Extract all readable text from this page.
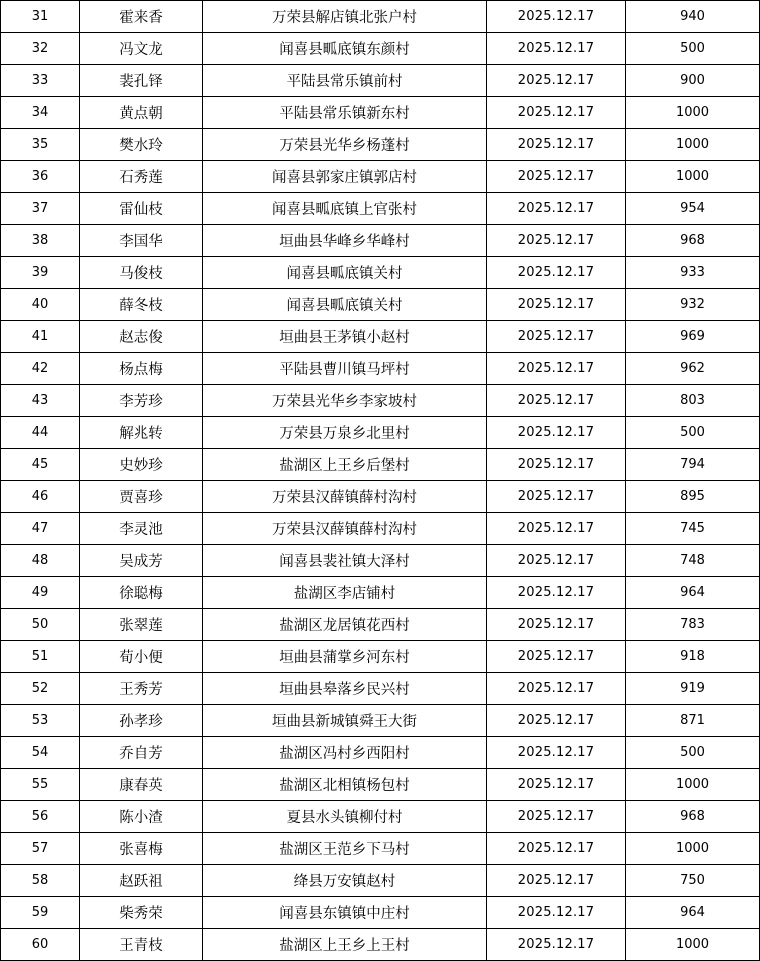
31	霍来香	万荣县解店镇北张户村	2025.12.17	940
32	冯文龙	闻喜县畖底镇东颜村	2025.12.17	500
33	裴孔铎	平陆县常乐镇前村	2025.12.17	900
34	黄点朝	平陆县常乐镇新东村	2025.12.17	1000
35	樊水玲	万荣县光华乡杨蓬村	2025.12.17	1000
36	石秀莲	闻喜县郭家庄镇郭店村	2025.12.17	1000
37	雷仙枝	闻喜县畖底镇上官张村	2025.12.17	954
38	李国华	垣曲县华峰乡华峰村	2025.12.17	968
39	马俊枝	闻喜县畖底镇关村	2025.12.17	933
40	薛冬枝	闻喜县畖底镇关村	2025.12.17	932
41	赵志俊	垣曲县王茅镇小赵村	2025.12.17	969
42	杨点梅	平陆县曹川镇马坪村	2025.12.17	962
43	李芳珍	万荣县光华乡李家坡村	2025.12.17	803
44	解兆转	万荣县万泉乡北里村	2025.12.17	500
45	史妙珍	盐湖区上王乡后堡村	2025.12.17	794
46	贾喜珍	万荣县汉薛镇薛村沟村	2025.12.17	895
47	李灵池	万荣县汉薛镇薛村沟村	2025.12.17	745
48	吴成芳	闻喜县裴社镇大泽村	2025.12.17	748
49	徐聪梅	盐湖区李店铺村	2025.12.17	964
50	张翠莲	盐湖区龙居镇花西村	2025.12.17	783
51	荀小便	垣曲县蒲掌乡河东村	2025.12.17	918
52	王秀芳	垣曲县皋落乡民兴村	2025.12.17	919
53	孙孝珍	垣曲县新城镇舜王大街	2025.12.17	871
54	乔自芳	盐湖区冯村乡西阳村	2025.12.17	500
55	康春英	盐湖区北相镇杨包村	2025.12.17	1000
56	陈小渣	夏县水头镇柳付村	2025.12.17	968
57	张喜梅	盐湖区王范乡下马村	2025.12.17	1000
58	赵跃祖	绛县万安镇赵村	2025.12.17	750
59	柴秀荣	闻喜县东镇镇中庄村	2025.12.17	964
60	王青枝	盐湖区上王乡上王村	2025.12.17	1000
